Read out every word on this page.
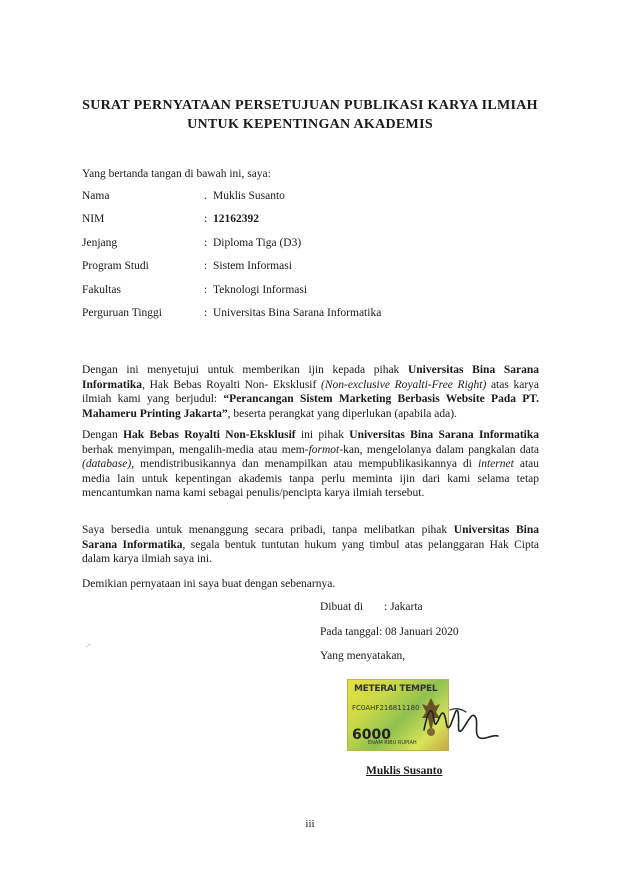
SURAT PERNYATAAN PERSETUJUAN PUBLIKASI KARYA ILMIAH
UNTUK KEPENTINGAN AKADEMIS
Yang bertanda tangan di bawah ini, saya:
Nama	. Muklis Susanto
NIM	: 12162392
Jenjang	: Diploma Tiga (D3)
Program Studi	: Sistem Informasi
Fakultas	: Teknologi Informasi
Perguruan Tinggi	: Universitas Bina Sarana Informatika

Dengan ini menyetujui untuk memberikan ijin kepada pihak Universitas Bina Sarana Informatika, Hak Bebas Royalti Non- Eksklusif (Non-exclusive Royalti-Free Right) atas karya ilmiah kami yang berjudul: “Perancangan Sistem Marketing Berbasis Website Pada PT. Mahameru Printing Jakarta”, beserta perangkat yang diperlukan (apabila ada).

Dengan Hak Bebas Royalti Non-Eksklusif ini pihak Universitas Bina Sarana Informatika berhak menyimpan, mengalih-media atau mem-formot-kan, mengelolanya dalam pangkalan data (database), mendistribusikannya dan menampilkan atau mempublikasikannya di internet atau media lain untuk kepentingan akademis tanpa perlu meminta ijin dari kami selama tetap mencantumkan nama kami sebagai penulis/pencipta karya ilmiah tersebut.

Saya bersedia untuk menanggung secara pribadi, tanpa melibatkan pihak Universitas Bina Sarana Informatika, segala bentuk tuntutan hukum yang timbul atas pelanggaran Hak Cipta dalam karya ilmiah saya ini.

Demikian pernyataan ini saya buat dengan sebenarnya.

Dibuat di : Jakarta
Pada tanggal: 08 Januari 2020
Yang menyatakan,
.-
METERAI TEMPEL
FC0AHF216811180
6000
ENAM RIBU RUPIAH
Muklis Susanto
iii
